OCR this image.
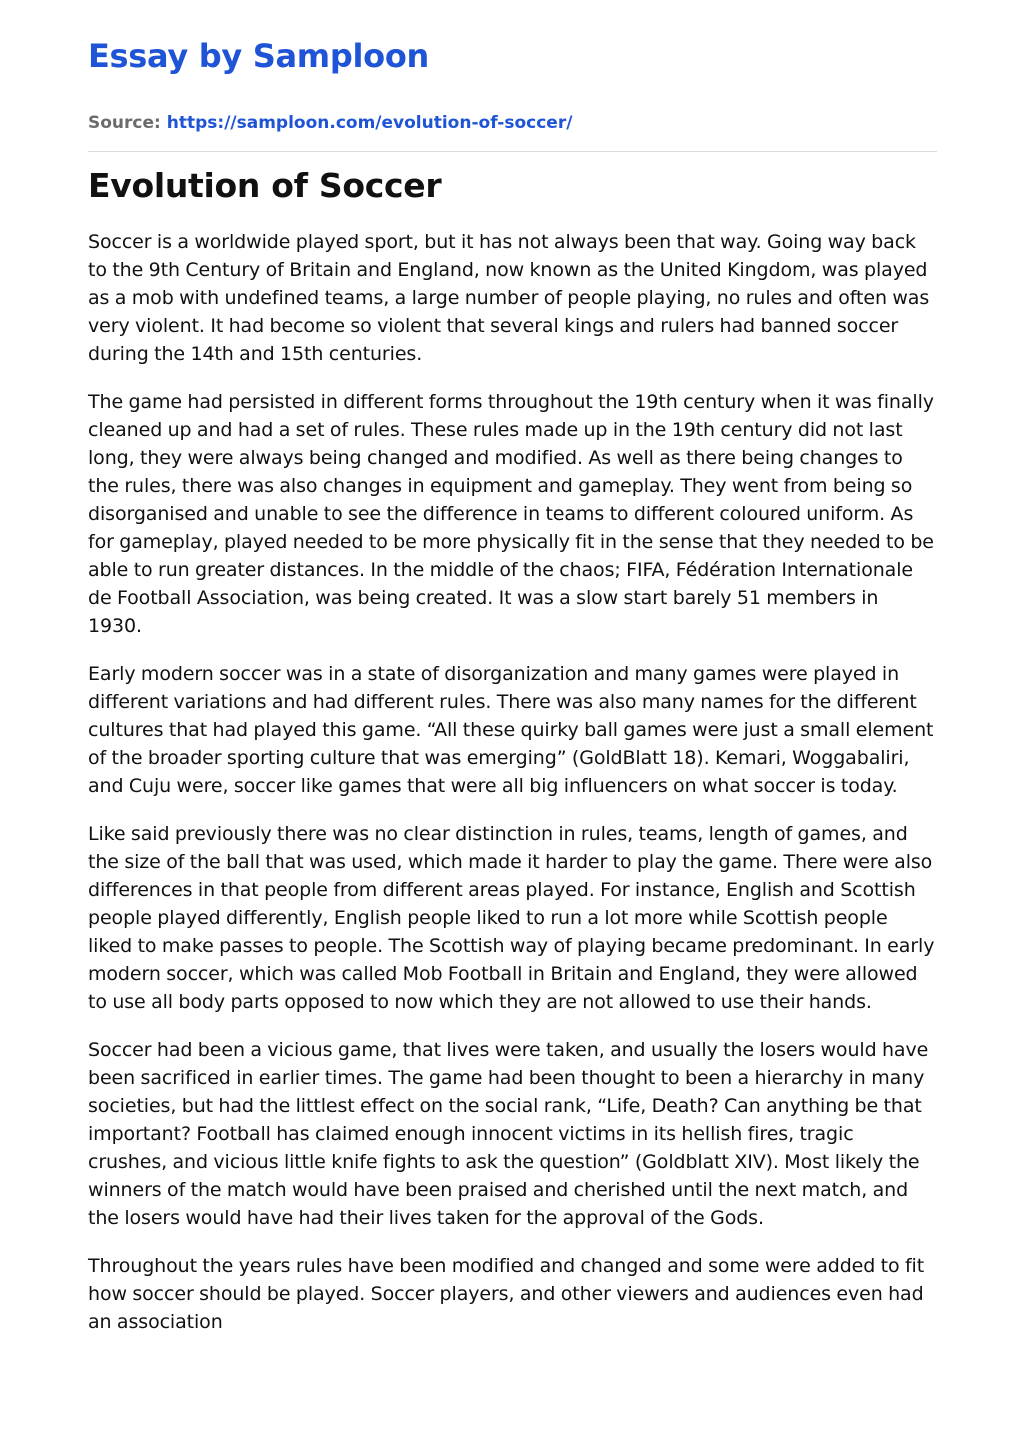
Essay by Samploon
Source: https://samploon.com/evolution-of-soccer/
Evolution of Soccer

Soccer is a worldwide played sport, but it has not always been that way. Going way back to the 9th Century of Britain and England, now known as the United Kingdom, was played as a mob with undefined teams, a large number of people playing, no rules and often was very violent. It had become so violent that several kings and rulers had banned soccer during the 14th and 15th centuries.

The game had persisted in different forms throughout the 19th century when it was finally cleaned up and had a set of rules. These rules made up in the 19th century did not last long, they were always being changed and modified. As well as there being changes to the rules, there was also changes in equipment and gameplay. They went from being so disorganised and unable to see the difference in teams to different coloured uniform. As for gameplay, played needed to be more physically fit in the sense that they needed to be able to run greater distances. In the middle of the chaos; FIFA, Fédération Internationale de Football Association, was being created. It was a slow start barely 51 members in 1930.

Early modern soccer was in a state of disorganization and many games were played in different variations and had different rules. There was also many names for the different cultures that had played this game. “All these quirky ball games were just a small element of the broader sporting culture that was emerging” (GoldBlatt 18). Kemari, Woggabaliri, and Cuju were, soccer like games that were all big influencers on what soccer is today.

Like said previously there was no clear distinction in rules, teams, length of games, and the size of the ball that was used, which made it harder to play the game. There were also differences in that people from different areas played. For instance, English and Scottish people played differently, English people liked to run a lot more while Scottish people liked to make passes to people. The Scottish way of playing became predominant. In early modern soccer, which was called Mob Football in Britain and England, they were allowed to use all body parts opposed to now which they are not allowed to use their hands.

Soccer had been a vicious game, that lives were taken, and usually the losers would have been sacrificed in earlier times. The game had been thought to been a hierarchy in many societies, but had the littlest effect on the social rank, “Life, Death? Can anything be that important? Football has claimed enough innocent victims in its hellish fires, tragic crushes, and vicious little knife fights to ask the question” (Goldblatt XIV). Most likely the winners of the match would have been praised and cherished until the next match, and the losers would have had their lives taken for the approval of the Gods.

Throughout the years rules have been modified and changed and some were added to fit how soccer should be played. Soccer players, and other viewers and audiences even had an association
